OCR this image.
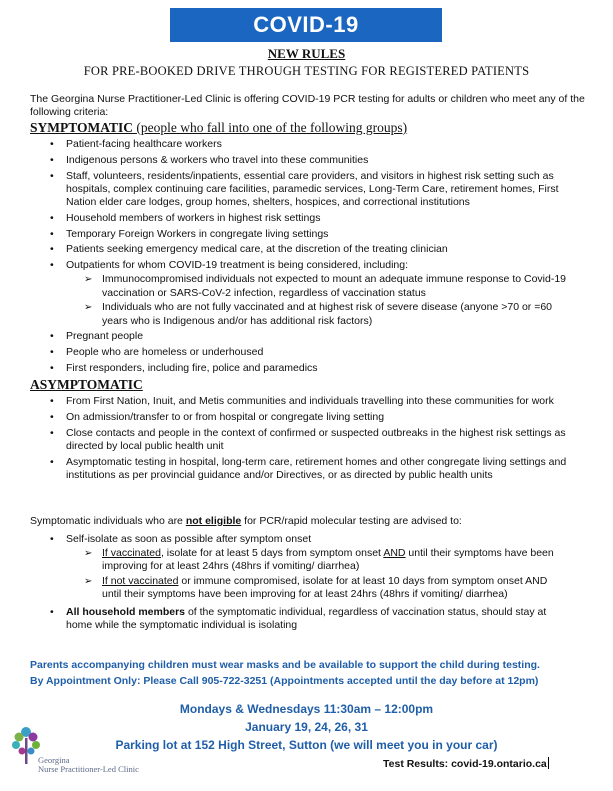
COVID-19
NEW RULES
FOR PRE-BOOKED DRIVE THROUGH TESTING FOR REGISTERED PATIENTS
The Georgina Nurse Practitioner-Led Clinic is offering COVID-19 PCR testing for adults or children who meet any of the following criteria:
SYMPTOMATIC (people who fall into one of the following groups)
• Patient-facing healthcare workers
• Indigenous persons & workers who travel into these communities
• Staff, volunteers, residents/inpatients, essential care providers, and visitors in highest risk setting such as hospitals, complex continuing care facilities, paramedic services, Long-Term Care, retirement homes, First Nation elder care lodges, group homes, shelters, hospices, and correctional institutions
• Household members of workers in highest risk settings
• Temporary Foreign Workers in congregate living settings
• Patients seeking emergency medical care, at the discretion of the treating clinician
• Outpatients for whom COVID-19 treatment is being considered, including:
➢ Immunocompromised individuals not expected to mount an adequate immune response to Covid-19 vaccination or SARS-CoV-2 infection, regardless of vaccination status
➢ Individuals who are not fully vaccinated and at highest risk of severe disease (anyone >70 or =60 years who is Indigenous and/or has additional risk factors)
• Pregnant people
• People who are homeless or underhoused
• First responders, including fire, police and paramedics
ASYMPTOMATIC
• From First Nation, Inuit, and Metis communities and individuals travelling into these communities for work
• On admission/transfer to or from hospital or congregate living setting
• Close contacts and people in the context of confirmed or suspected outbreaks in the highest risk settings as directed by local public health unit
• Asymptomatic testing in hospital, long-term care, retirement homes and other congregate living settings and institutions as per provincial guidance and/or Directives, or as directed by public health units
Symptomatic individuals who are not eligible for PCR/rapid molecular testing are advised to:
• Self-isolate as soon as possible after symptom onset
➢ If vaccinated, isolate for at least 5 days from symptom onset AND until their symptoms have been improving for at least 24hrs (48hrs if vomiting/ diarrhea)
➢ If not vaccinated or immune compromised, isolate for at least 10 days from symptom onset AND until their symptoms have been improving for at least 24hrs (48hrs if vomiting/ diarrhea)
• All household members of the symptomatic individual, regardless of vaccination status, should stay at home while the symptomatic individual is isolating
Parents accompanying children must wear masks and be available to support the child during testing.
By Appointment Only: Please Call 905-722-3251 (Appointments accepted until the day before at 12pm)
Mondays & Wednesdays 11:30am – 12:00pm
January 19, 24, 26, 31
Parking lot at 152 High Street, Sutton (we will meet you in your car)
Georgina
Nurse Practitioner-Led Clinic	Test Results: covid-19.ontario.ca
